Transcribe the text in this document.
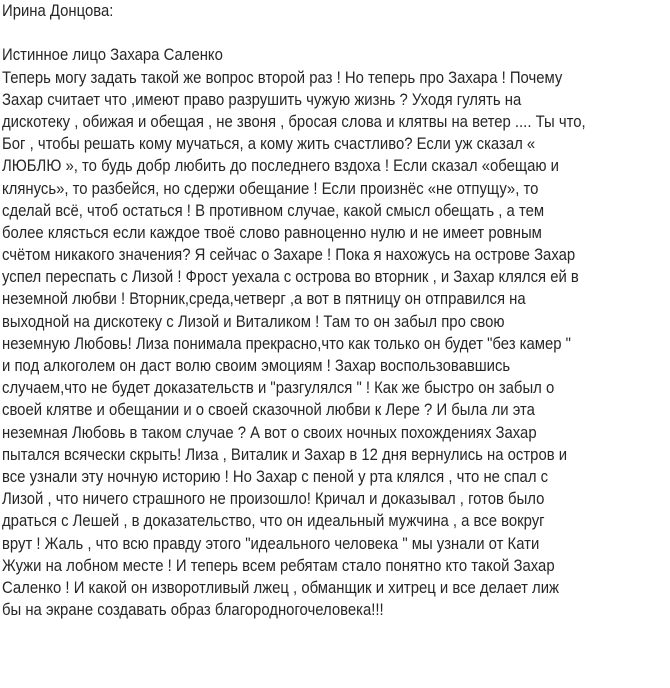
Ирина Донцова:
Истинное лицо Захара Саленко
Теперь могу задать такой же вопрос второй раз ! Но теперь про Захара ! Почему
Захар считает что ,имеют право разрушить чужую жизнь ? Уходя гулять на
дискотеку , обижая и обещая , не звоня , бросая слова и клятвы на ветер .... Ты что,
Бог , чтобы решать кому мучаться, а кому жить счастливо? Если уж сказал «
ЛЮБЛЮ », то будь добр любить до последнего вздоха ! Если сказал «обещаю и
клянусь», то разбейся, но сдержи обещание ! Если произнёс «не отпущу», то
сделай всё, чтоб остаться ! В противном случае, какой смысл обещать , а тем
более клясться если каждое твоё слово равноценно нулю и не имеет ровным
счётом никакого значения? Я сейчас о Захаре ! Пока я нахожусь на острове Захар
успел переспать с Лизой ! Фрост уехала с острова во вторник , и Захар клялся ей в
неземной любви ! Вторник,среда,четверг ,а вот в пятницу он отправился на
выходной на дискотеку с Лизой и Виталиком ! Там то он забыл про свою
неземную Любовь! Лиза понимала прекрасно,что как только он будет "без камер "
и под алкоголем он даст волю своим эмоциям ! Захар воспользовавшись
случаем,что не будет доказательств и "разгулялся " ! Как же быстро он забыл о
своей клятве и обещании и о своей сказочной любви к Лере ? И была ли эта
неземная Любовь в таком случае ? А вот о своих ночных похождениях Захар
пытался всячески скрыть! Лиза , Виталик и Захар в 12 дня вернулись на остров и
все узнали эту ночную историю ! Но Захар с пеной у рта клялся , что не спал с
Лизой , что ничего страшного не произошло! Кричал и доказывал , готов было
драться с Лешей , в доказательство, что он идеальный мужчина , а все вокруг
врут ! Жаль , что всю правду этого "идеального человека " мы узнали от Кати
Жужи на лобном месте ! И теперь всем ребятам стало понятно кто такой Захар
Саленко ! И какой он изворотливый лжец , обманщик и хитрец и все делает лиж
бы на экране создавать образ благородногочеловека!!!
